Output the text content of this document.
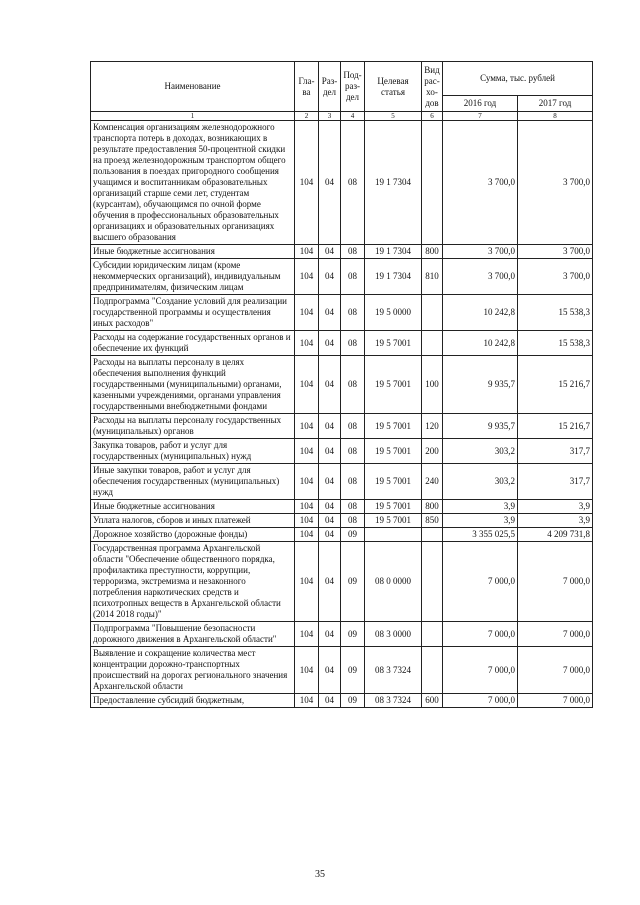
Наименование	Гла-ва	Раз-дел	Под-раз-дел	Целевая статья	Вид рас-хо-дов	Сумма, тыс. рублей	
						2016 год	2017 год
1	2	3	4	5	6	7	8
Компенсация организациям железнодорожного транспорта потерь в доходах, возникающих в результате предоставления 50-процентной скидки на проезд железнодорожным транспортом общего пользования в поездах пригородного сообщения учащимся и воспитанникам образовательных организаций старше семи лет, студентам (курсантам), обучающимся по очной форме обучения в профессиональных образовательных организациях и образовательных организациях высшего образования	104	04	08	19 1 7304		3 700,0	3 700,0
Иные бюджетные ассигнования	104	04	08	19 1 7304	800	3 700,0	3 700,0
Субсидии юридическим лицам (кроме некоммерческих организаций), индивидуальным предпринимателям, физическим лицам	104	04	08	19 1 7304	810	3 700,0	3 700,0
Подпрограмма "Создание условий для реализации государственной программы и осуществления иных расходов"	104	04	08	19 5 0000		10 242,8	15 538,3
Расходы на содержание государственных органов и обеспечение их функций	104	04	08	19 5 7001		10 242,8	15 538,3
Расходы на выплаты персоналу в целях обеспечения выполнения функций государственными (муниципальными) органами, казенными учреждениями, органами управления государственными внебюджетными фондами	104	04	08	19 5 7001	100	9 935,7	15 216,7
Расходы на выплаты персоналу государственных (муниципальных) органов	104	04	08	19 5 7001	120	9 935,7	15 216,7
Закупка товаров, работ и услуг для государственных (муниципальных) нужд	104	04	08	19 5 7001	200	303,2	317,7
Иные закупки товаров, работ и услуг для обеспечения государственных (муниципальных) нужд	104	04	08	19 5 7001	240	303,2	317,7
Иные бюджетные ассигнования	104	04	08	19 5 7001	800	3,9	3,9
Уплата налогов, сборов и иных платежей	104	04	08	19 5 7001	850	3,9	3,9
Дорожное хозяйство (дорожные фонды)	104	04	09			3 355 025,5	4 209 731,8
Государственная программа Архангельской области "Обеспечение общественного порядка, профилактика преступности, коррупции, терроризма, экстремизма и незаконного потребления наркотических средств и психотропных веществ в Архангельской области (2014 2018 годы)"	104	04	09	08 0 0000		7 000,0	7 000,0
Подпрограмма "Повышение безопасности дорожного движения в Архангельской области"	104	04	09	08 3 0000		7 000,0	7 000,0
Выявление и сокращение количества мест концентрации дорожно-транспортных происшествий на дорогах регионального значения Архангельской области	104	04	09	08 3 7324		7 000,0	7 000,0
Предоставление субсидий бюджетным,	104	04	09	08 3 7324	600	7 000,0	7 000,0
35
